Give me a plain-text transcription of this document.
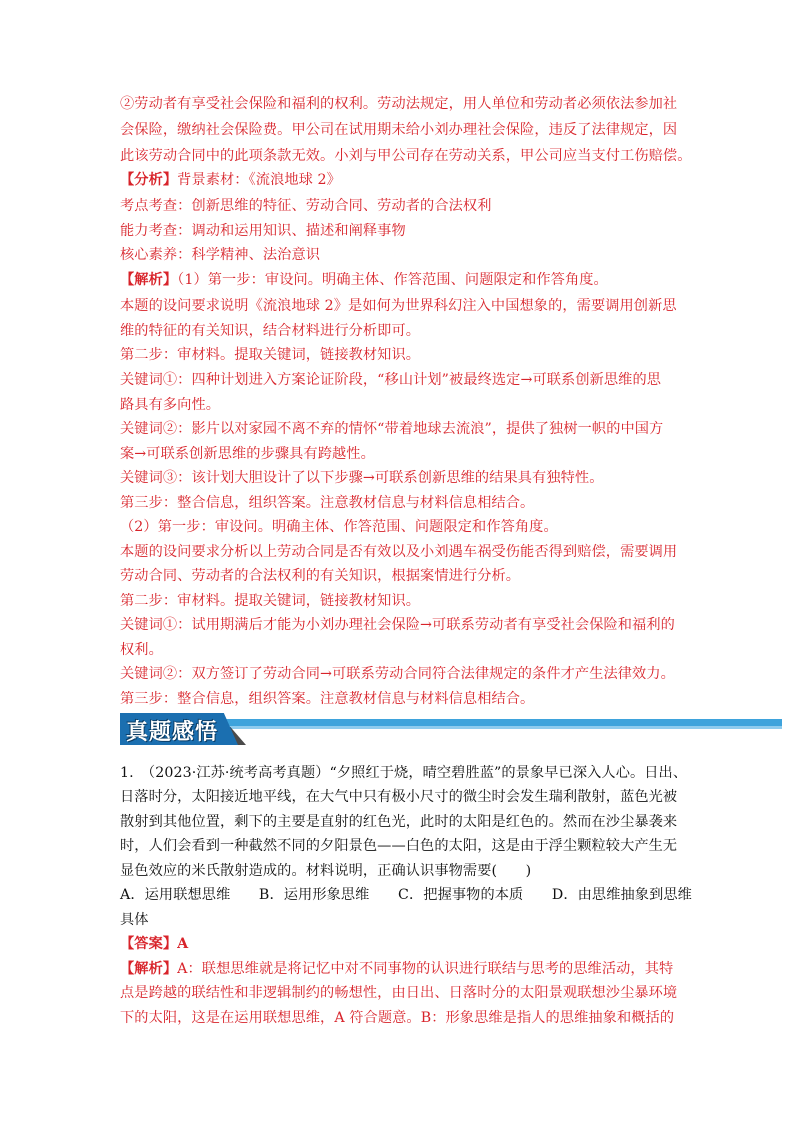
②劳动者有享受社会保险和福利的权利。劳动法规定，用人单位和劳动者必须依法参加社
会保险，缴纳社会保险费。甲公司在试用期未给小刘办理社会保险，违反了法律规定，因
此该劳动合同中的此项条款无效。小刘与甲公司存在劳动关系，甲公司应当支付工伤赔偿。
【分析】背景素材：《流浪地球 2》
考点考查：创新思维的特征、劳动合同、劳动者的合法权利
能力考查：调动和运用知识、描述和阐释事物
核心素养：科学精神、法治意识
【解析】（1）第一步：审设问。明确主体、作答范围、问题限定和作答角度。
本题的设问要求说明《流浪地球 2》是如何为世界科幻注入中国想象的，需要调用创新思
维的特征的有关知识，结合材料进行分析即可。
第二步：审材料。提取关键词，链接教材知识。
关键词①：四种计划进入方案论证阶段，“移山计划”被最终选定→可联系创新思维的思
路具有多向性。
关键词②：影片以对家园不离不弃的情怀“带着地球去流浪”，提供了独树一帜的中国方
案→可联系创新思维的步骤具有跨越性。
关键词③：该计划大胆设计了以下步骤→可联系创新思维的结果具有独特性。
第三步：整合信息，组织答案。注意教材信息与材料信息相结合。
（2）第一步：审设问。明确主体、作答范围、问题限定和作答角度。
本题的设问要求分析以上劳动合同是否有效以及小刘遇车祸受伤能否得到赔偿，需要调用
劳动合同、劳动者的合法权利的有关知识，根据案情进行分析。
第二步：审材料。提取关键词，链接教材知识。
关键词①：试用期满后才能为小刘办理社会保险→可联系劳动者有享受社会保险和福利的
权利。
关键词②：双方签订了劳动合同→可联系劳动合同符合法律规定的条件才产生法律效力。
第三步：整合信息，组织答案。注意教材信息与材料信息相结合。
真题感悟
1.　（2023·江苏·统考高考真题）“夕照红于烧，晴空碧胜蓝”的景象早已深入人心。日出、
日落时分，太阳接近地平线，在大气中只有极小尺寸的微尘时会发生瑞利散射，蓝色光被
散射到其他位置，剩下的主要是直射的红色光，此时的太阳是红色的。然而在沙尘暴袭来
时，人们会看到一种截然不同的夕阳景色——白色的太阳，这是由于浮尘颗粒较大产生无
显色效应的米氏散射造成的。材料说明，正确认识事物需要(　　)
A．运用联想思维　　B．运用形象思维　　C．把握事物的本质　　D．由思维抽象到思维
具体
【答案】A
【解析】A：联想思维就是将记忆中对不同事物的认识进行联结与思考的思维活动，其特
点是跨越的联结性和非逻辑制约的畅想性，由日出、日落时分的太阳景观联想沙尘暴环境
下的太阳，这是在运用联想思维，A 符合题意。B：形象思维是指人的思维抽象和概括的
